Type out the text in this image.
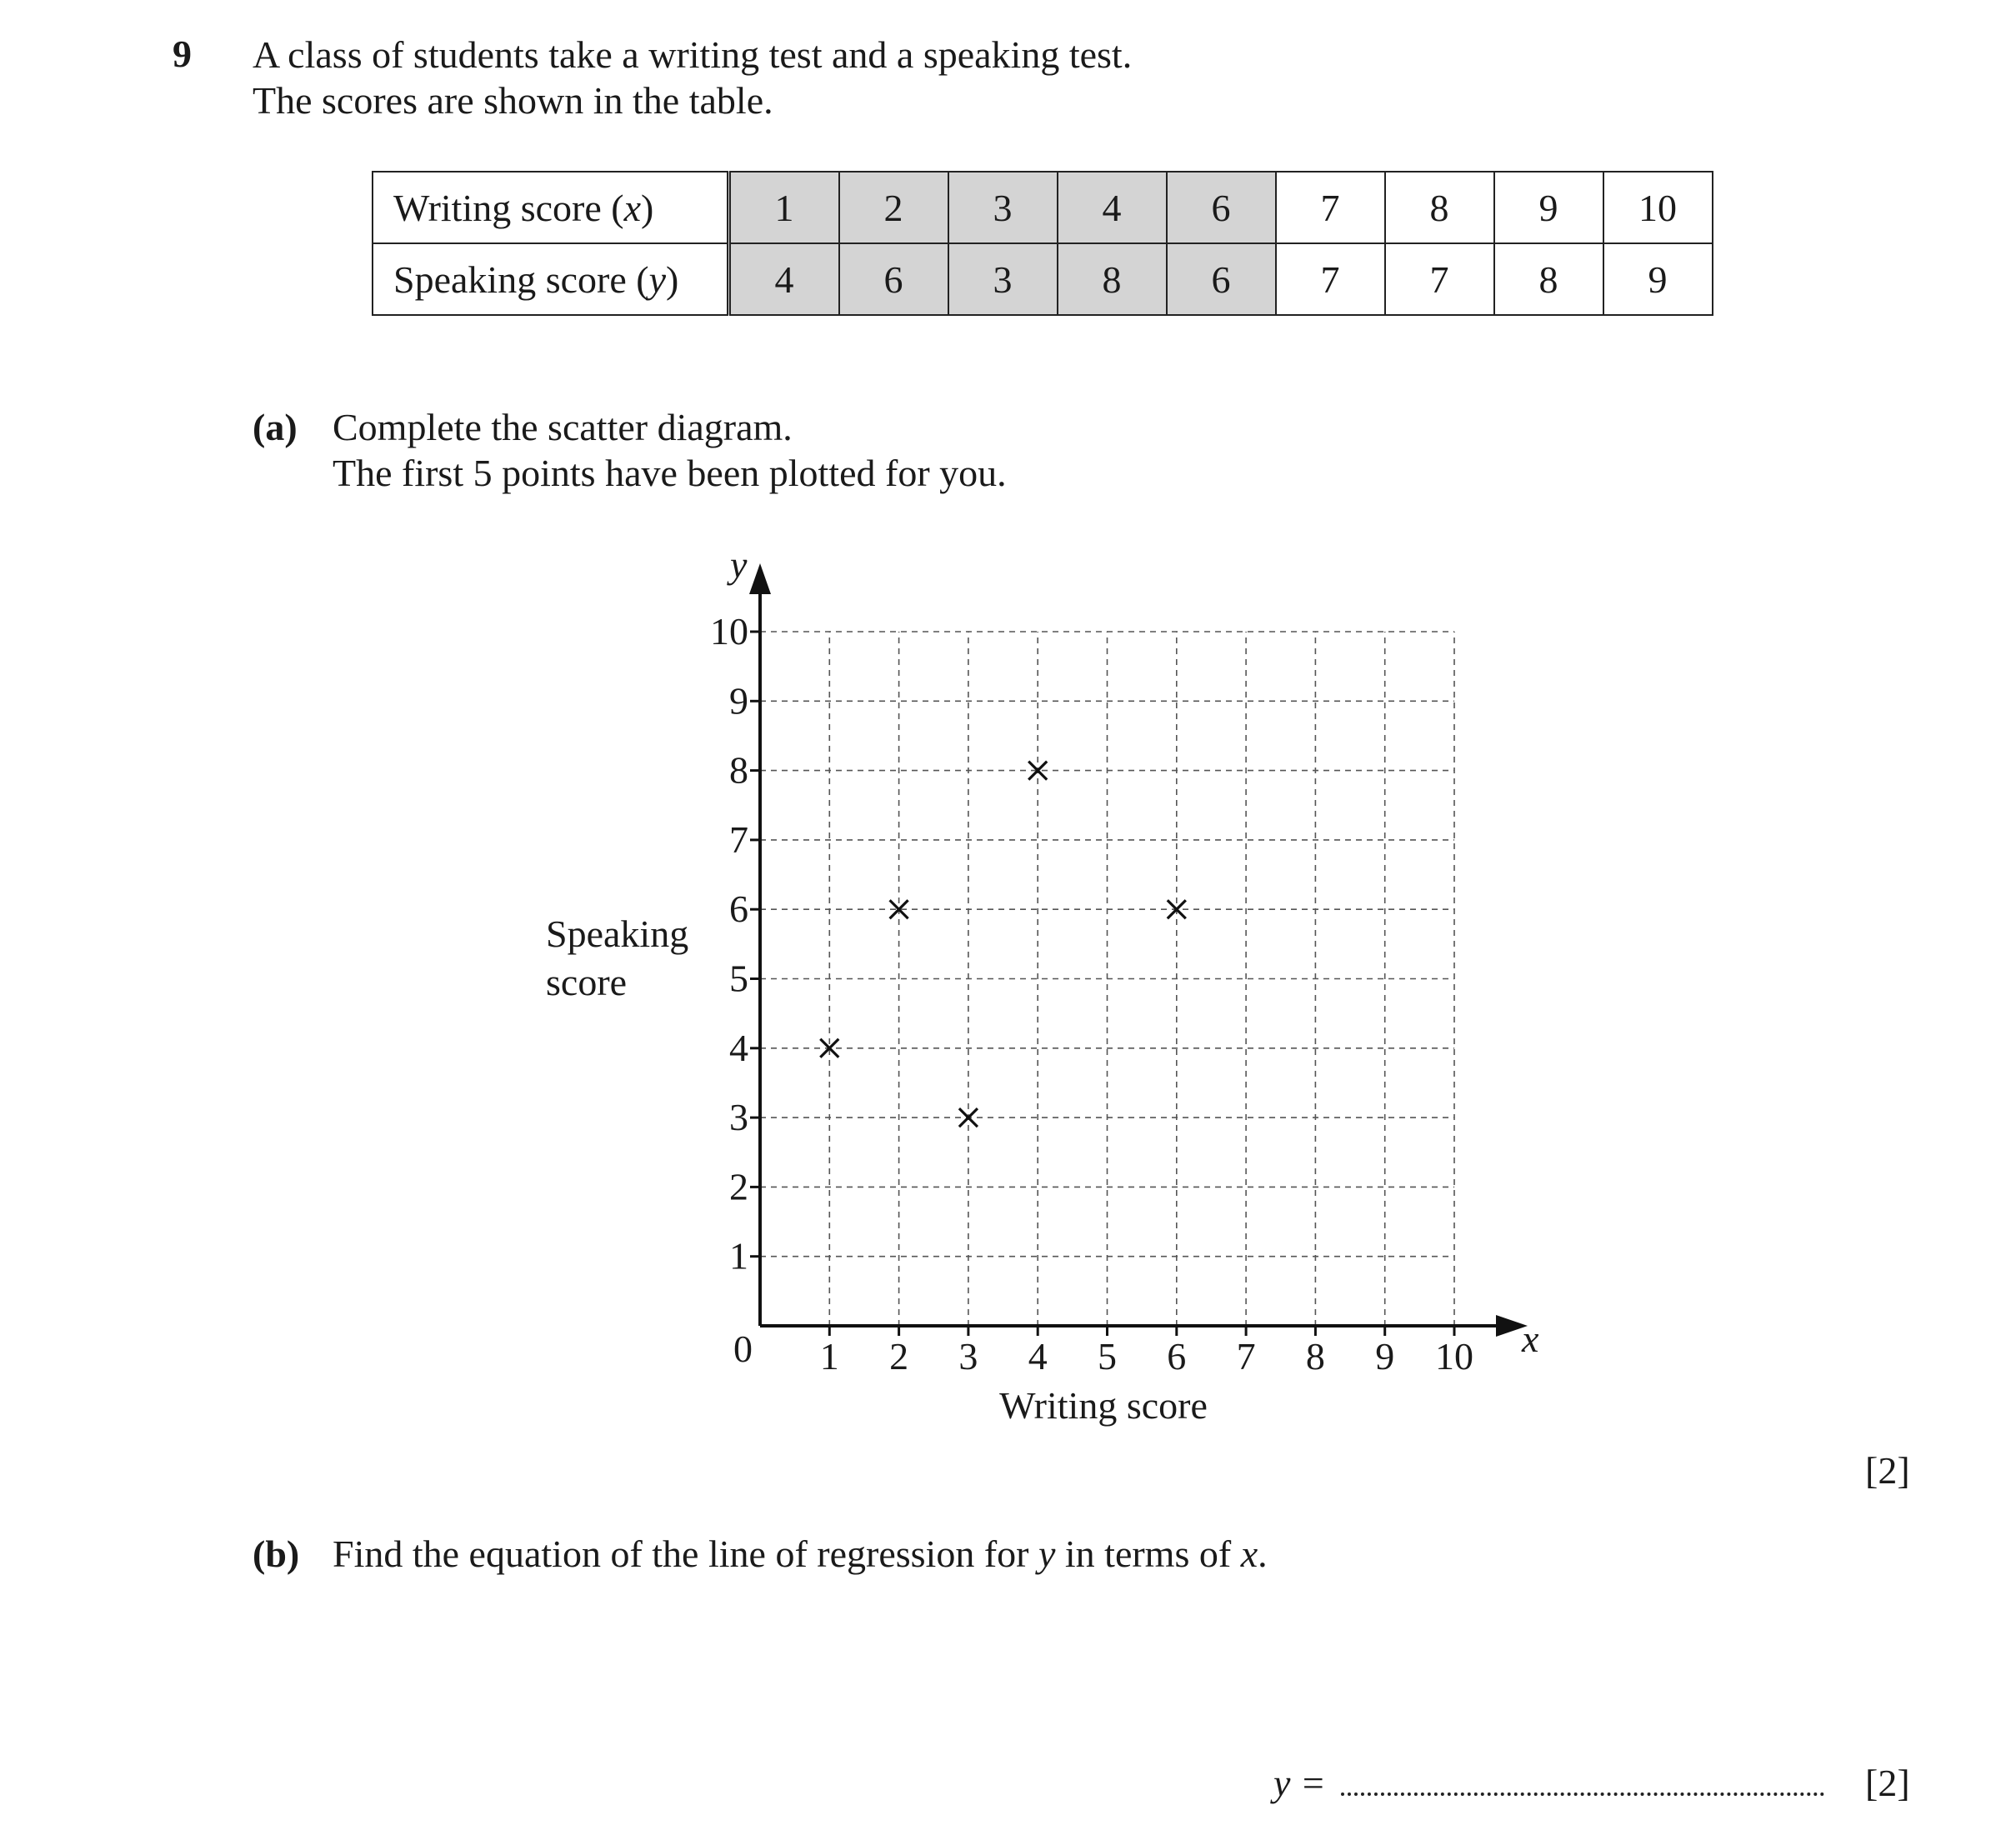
9 A class of students take a writing test and a speaking test.
The scores are shown in the table.
Writing score (x)	1	2	3	4	6	7	8	9	10
Speaking score (y)	4	6	3	8	6	7	7	8	9
(a) Complete the scatter diagram.
The first 5 points have been plotted for you.
1 2 3 4 5 6 7 8 9 10
1
2
3
4
5
6
7
8
9
10
Writing score
Speaking
score
x
y
0
[2]
(b) Find the equation of the line of regression for y in terms of x.
y =	[2]
